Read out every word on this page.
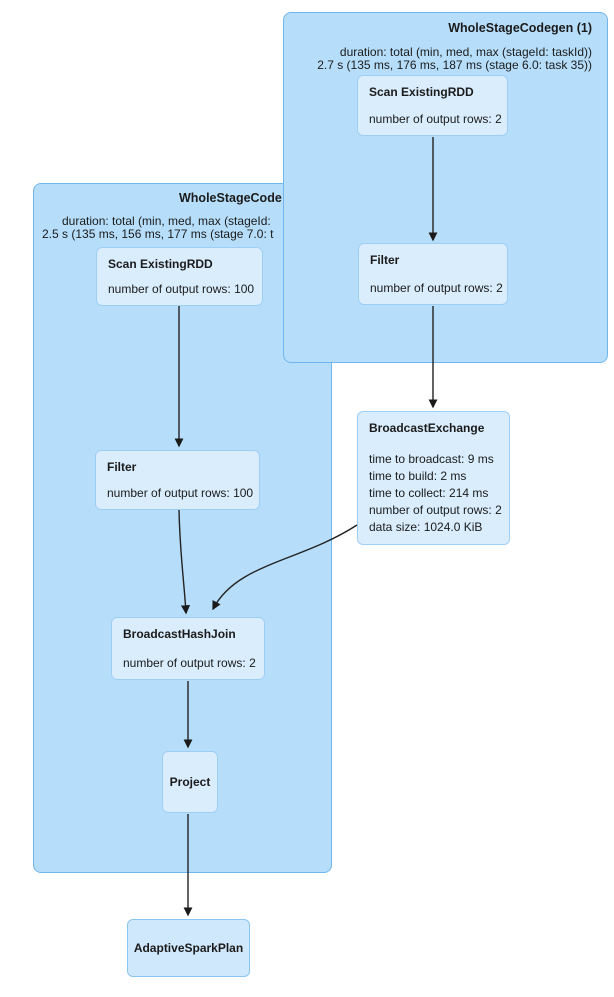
WholeStageCode
duration: total (min, med, max (stageId:
2.5 s (135 ms, 156 ms, 177 ms (stage 7.0: t
WholeStageCodegen (1)
duration: total (min, med, max (stageId: taskId))
2.7 s (135 ms, 176 ms, 187 ms (stage 6.0: task 35))
Scan ExistingRDD
number of output rows: 2
Filter
number of output rows: 2
BroadcastExchange
time to broadcast: 9 ms
time to build: 2 ms
time to collect: 214 ms
number of output rows: 2
data size: 1024.0 KiB
Scan ExistingRDD
number of output rows: 100
Filter
number of output rows: 100
BroadcastHashJoin
number of output rows: 2
Project
AdaptiveSparkPlan
